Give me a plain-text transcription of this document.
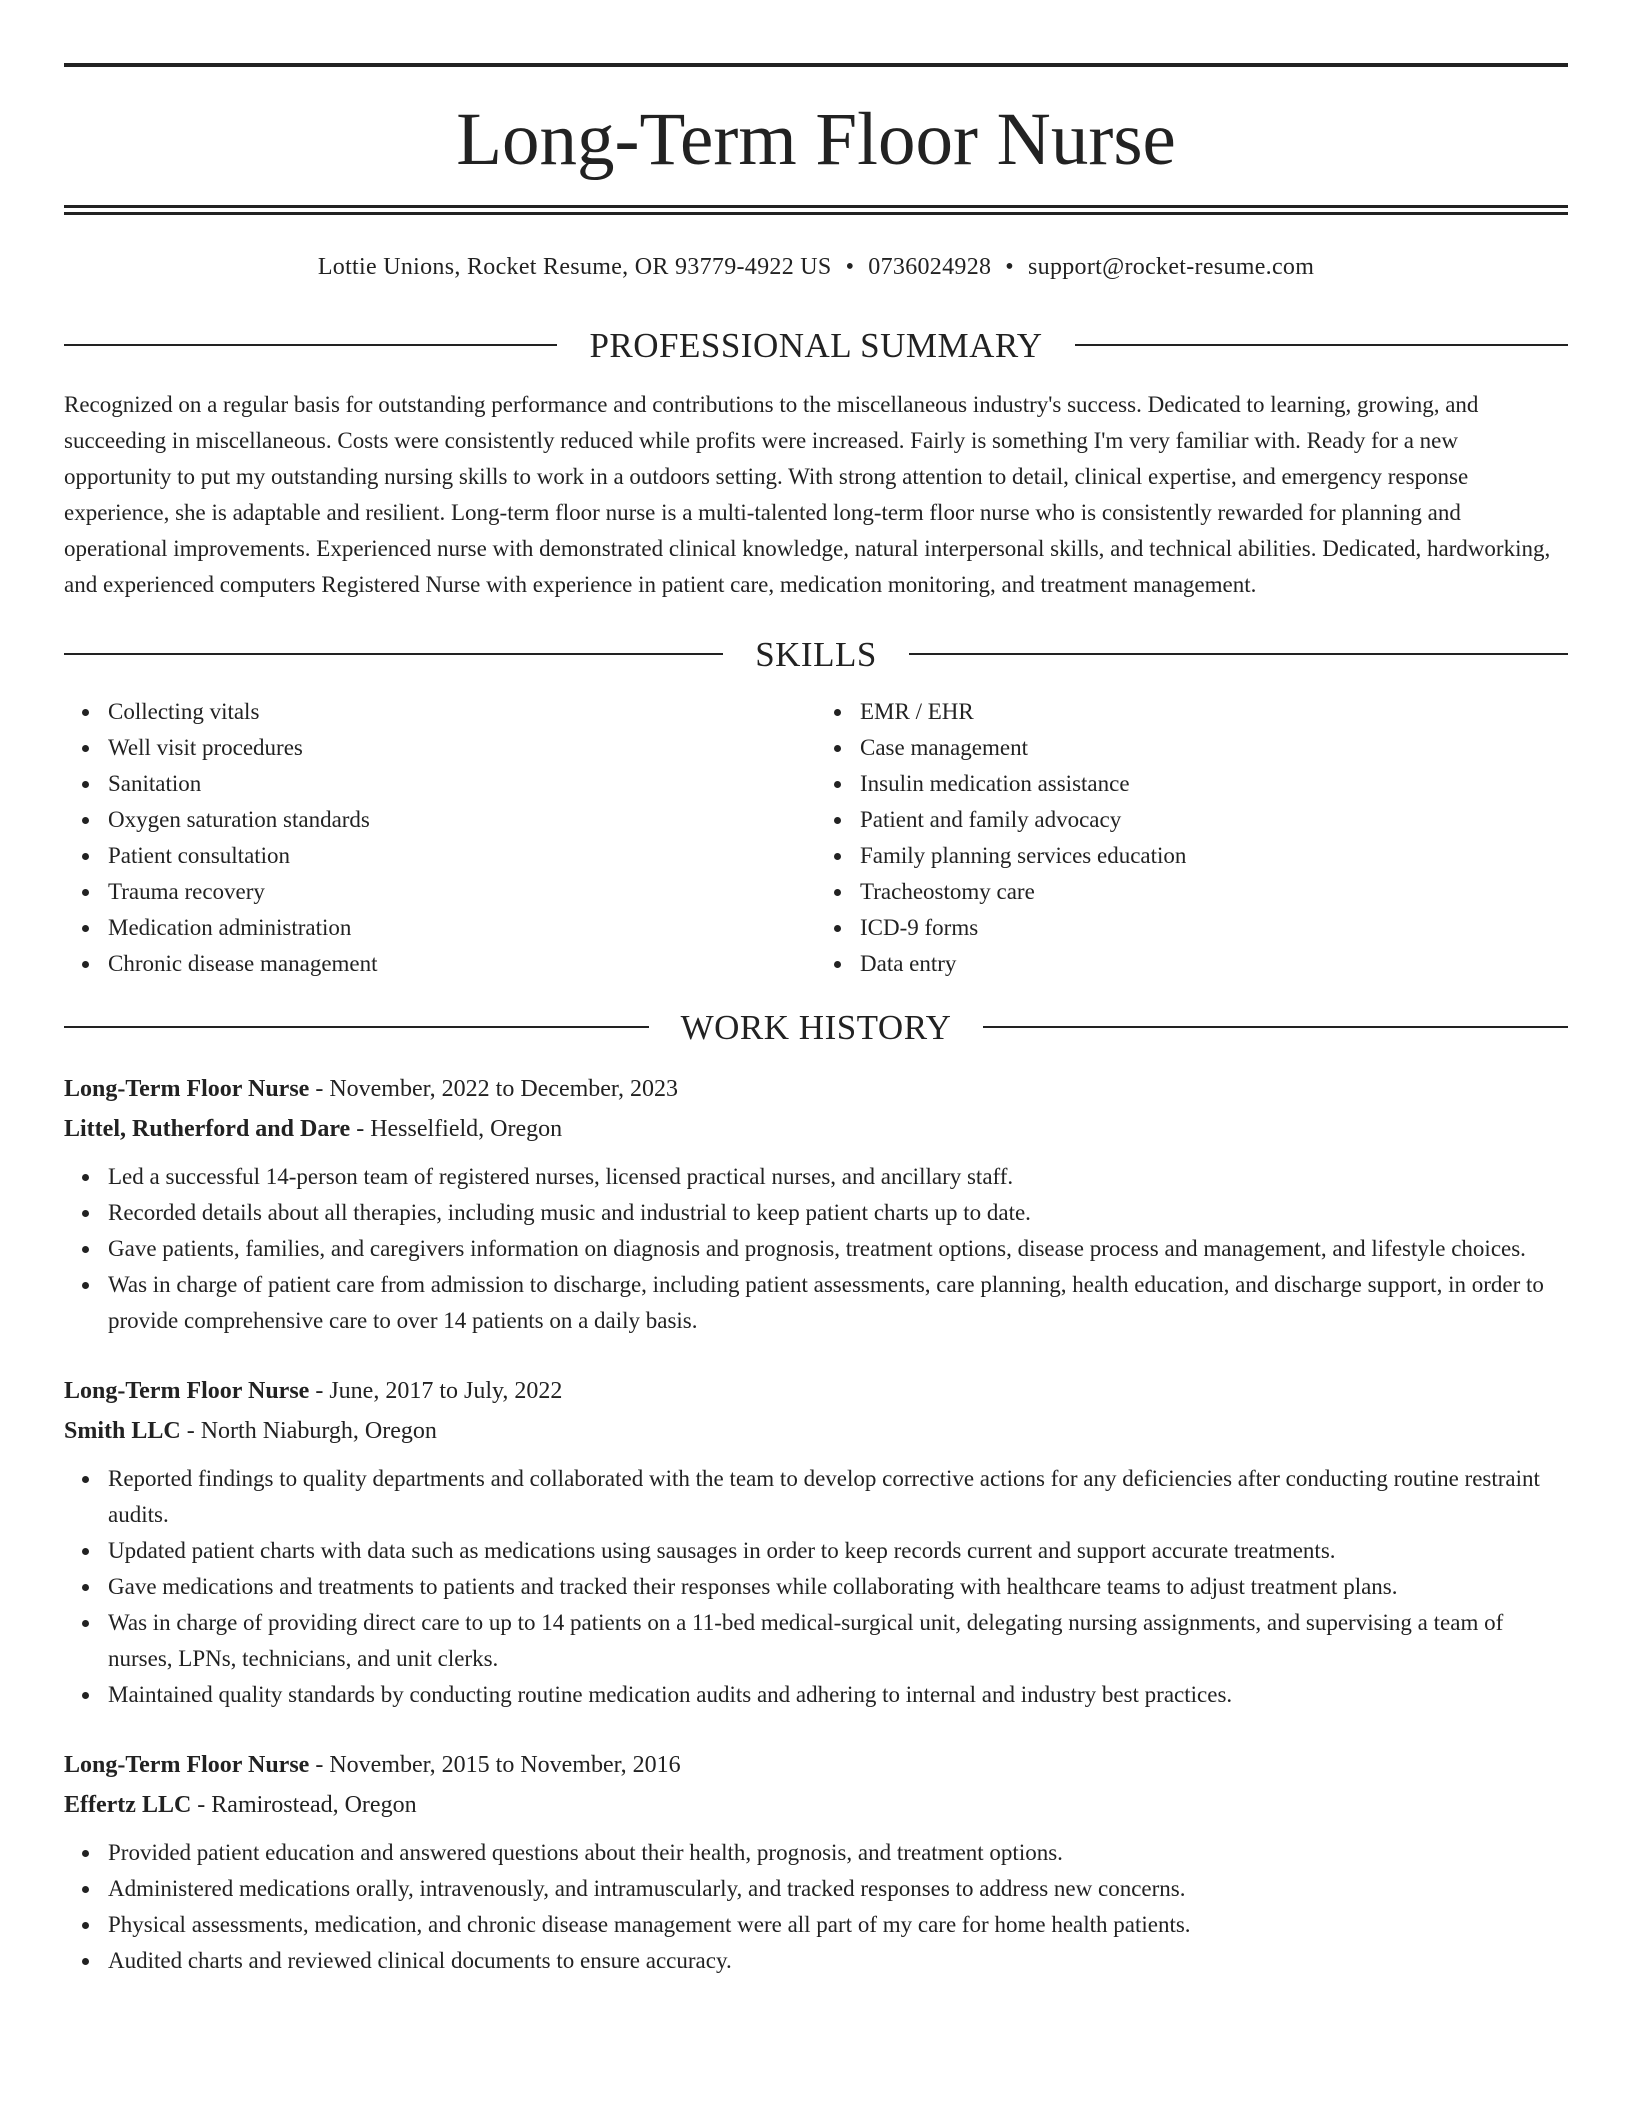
Long-Term Floor Nurse
Lottie Unions, Rocket Resume, OR 93779-4922 US • 0736024928 • support@rocket-resume.com
PROFESSIONAL SUMMARY
Recognized on a regular basis for outstanding performance and contributions to the miscellaneous industry's success. Dedicated to learning, growing, and succeeding in miscellaneous. Costs were consistently reduced while profits were increased. Fairly is something I'm very familiar with. Ready for a new opportunity to put my outstanding nursing skills to work in a outdoors setting. With strong attention to detail, clinical expertise, and emergency response experience, she is adaptable and resilient. Long-term floor nurse is a multi-talented long-term floor nurse who is consistently rewarded for planning and operational improvements. Experienced nurse with demonstrated clinical knowledge, natural interpersonal skills, and technical abilities. Dedicated, hardworking, and experienced computers Registered Nurse with experience in patient care, medication monitoring, and treatment management.
SKILLS
Collecting vitals
Well visit procedures
Sanitation
Oxygen saturation standards
Patient consultation
Trauma recovery
Medication administration
Chronic disease management
EMR / EHR
Case management
Insulin medication assistance
Patient and family advocacy
Family planning services education
Tracheostomy care
ICD-9 forms
Data entry
WORK HISTORY
Long-Term Floor Nurse - November, 2022 to December, 2023
Littel, Rutherford and Dare - Hesselfield, Oregon
Led a successful 14-person team of registered nurses, licensed practical nurses, and ancillary staff.
Recorded details about all therapies, including music and industrial to keep patient charts up to date.
Gave patients, families, and caregivers information on diagnosis and prognosis, treatment options, disease process and management, and lifestyle choices.
Was in charge of patient care from admission to discharge, including patient assessments, care planning, health education, and discharge support, in order to provide comprehensive care to over 14 patients on a daily basis.
Long-Term Floor Nurse - June, 2017 to July, 2022
Smith LLC - North Niaburgh, Oregon
Reported findings to quality departments and collaborated with the team to develop corrective actions for any deficiencies after conducting routine restraint audits.
Updated patient charts with data such as medications using sausages in order to keep records current and support accurate treatments.
Gave medications and treatments to patients and tracked their responses while collaborating with healthcare teams to adjust treatment plans.
Was in charge of providing direct care to up to 14 patients on a 11-bed medical-surgical unit, delegating nursing assignments, and supervising a team of nurses, LPNs, technicians, and unit clerks.
Maintained quality standards by conducting routine medication audits and adhering to internal and industry best practices.
Long-Term Floor Nurse - November, 2015 to November, 2016
Effertz LLC - Ramirostead, Oregon
Provided patient education and answered questions about their health, prognosis, and treatment options.
Administered medications orally, intravenously, and intramuscularly, and tracked responses to address new concerns.
Physical assessments, medication, and chronic disease management were all part of my care for home health patients.
Audited charts and reviewed clinical documents to ensure accuracy.
